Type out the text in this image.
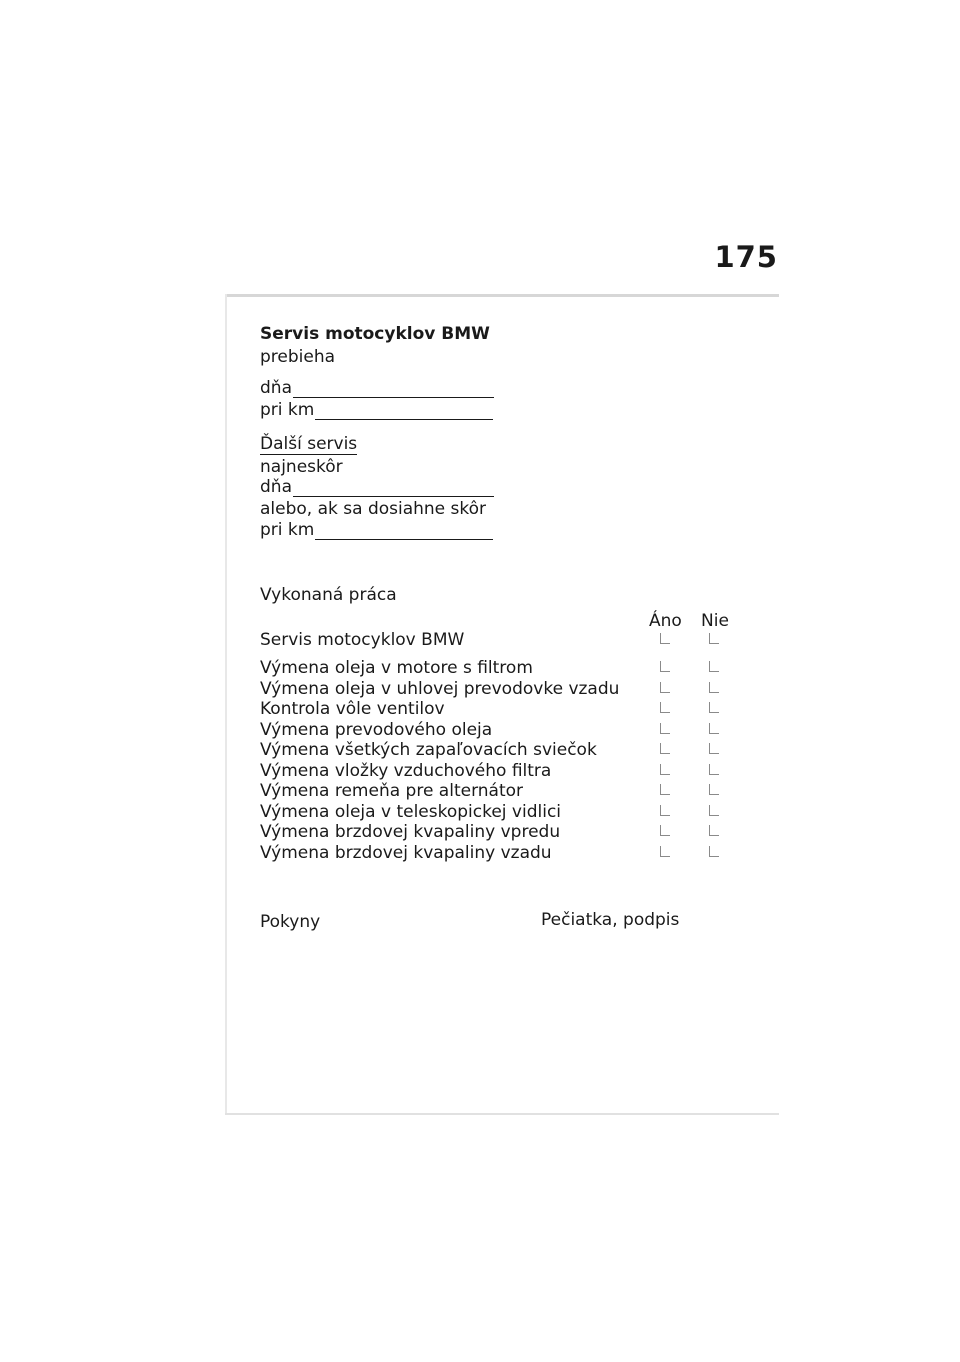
175
Servis motocyklov BMW
prebieha
dňa
pri km
Ďalší servis
najneskôr
dňa
alebo, ak sa dosiahne skôr
pri km
Vykonaná práca
Áno Nie
Servis motocyklov BMW
Výmena oleja v motore s filtrom
Výmena oleja v uhlovej prevodovke vzadu
Kontrola vôle ventilov
Výmena prevodového oleja
Výmena všetkých zapaľovacích sviečok
Výmena vložky vzduchového filtra
Výmena remeňa pre alternátor
Výmena oleja v teleskopickej vidlici
Výmena brzdovej kvapaliny vpredu
Výmena brzdovej kvapaliny vzadu
Pokyny	Pečiatka, podpis
